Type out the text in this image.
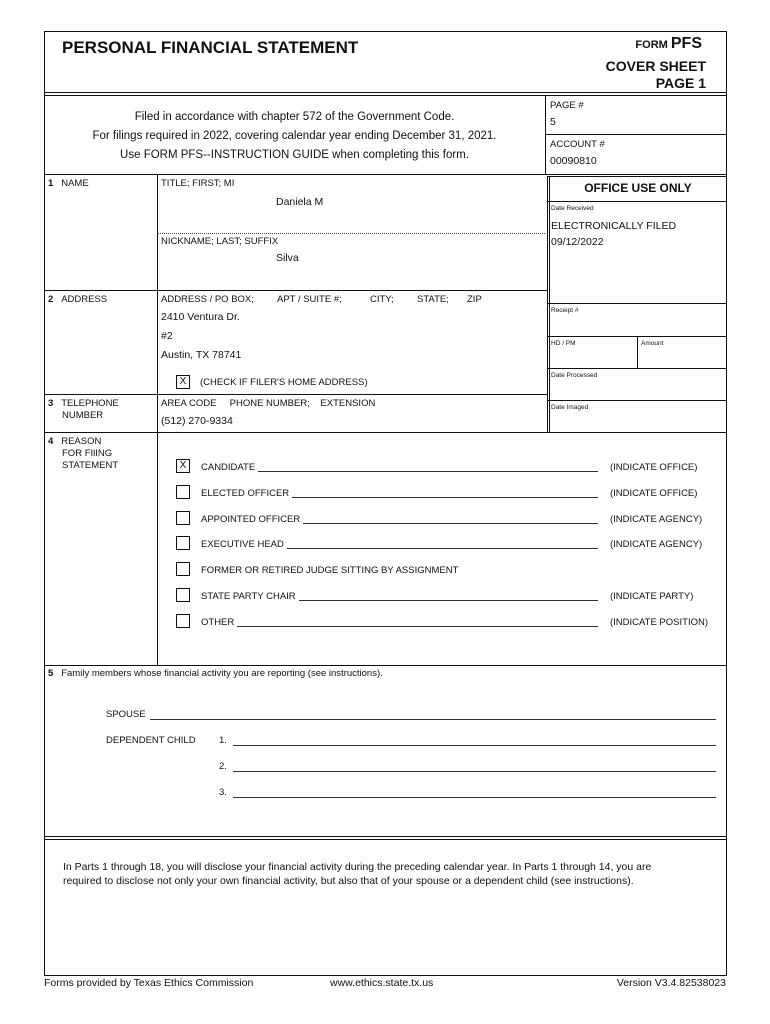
PERSONAL FINANCIAL STATEMENT	FORM PFS
COVER SHEET
PAGE 1
Filed in accordance with chapter 572 of the Government Code.
For filings required in 2022, covering calendar year ending December 31, 2021.
Use FORM PFS--INSTRUCTION GUIDE when completing this form.
PAGE #
5
ACCOUNT #
00090810
1 NAME	TITLE; FIRST; MI
Daniela M
NICKNAME; LAST; SUFFIX
Silva
2 ADDRESS	ADDRESS / PO BOX; APT / SUITE #;	CITY; STATE; ZIP
2410 Ventura Dr.
#2
Austin, TX 78741
X	(CHECK IF FILER'S HOME ADDRESS)
3 TELEPHONE
NUMBER
AREA CODE     PHONE NUMBER;    EXTENSION
(512) 270-9334
OFFICE USE ONLY
Date Received
ELECTRONICALLY FILED
09/12/2022
Receipt #
HD / PM	Amount
Date Processed
Date Imaged
4 REASON
FOR FIlING
STATEMENT	X	CANDIDATE	(INDICATE OFFICE)
ELECTED OFFICER	(INDICATE OFFICE)
APPOINTED OFFICER	(INDICATE AGENCY)
EXECUTIVE HEAD	(INDICATE AGENCY)
FORMER OR RETIRED JUDGE SITTING BY ASSIGNMENT
STATE PARTY CHAIR	(INDICATE PARTY)
OTHER	(INDICATE POSITION)
5 Family members whose financial activity you are reporting (see instructions).
SPOUSE
DEPENDENT CHILD 1.
2.
3.
In Parts 1 through 18, you will disclose your financial activity during the preceding calendar year. In Parts 1 through 14, you are
required to disclose not only your own financial activity, but also that of your spouse or a dependent child (see instructions).
Forms provided by Texas Ethics Commission	www.ethics.state.tx.us	Version V3.4.82538023
